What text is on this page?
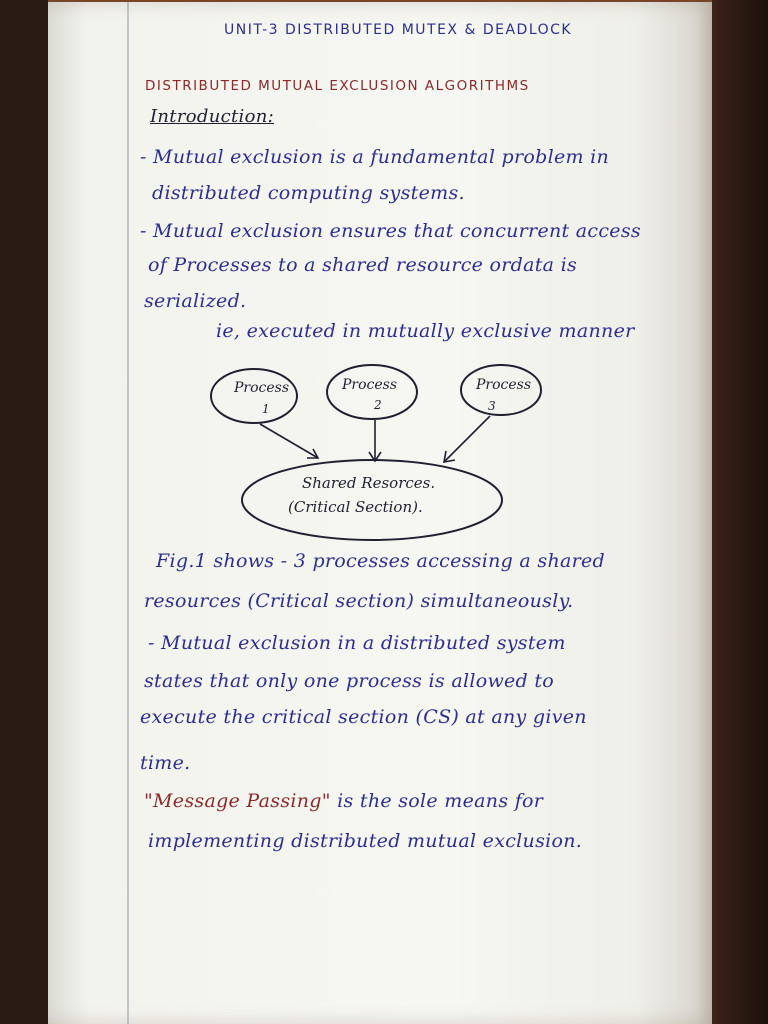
UNIT-3 DISTRIBUTED MUTEX & DEADLOCK
DISTRIBUTED MUTUAL EXCLUSION ALGORITHMS
Introduction:
- Mutual exclusion is a fundamental problem in
distributed computing systems.
- Mutual exclusion ensures that concurrent access
of Processes to a shared resource ordata is
serialized.
ie, executed in mutually exclusive manner
Process
1
Process
2
Process
3
Shared Resorces.
(Critical Section).
Fig.1 shows - 3 processes accessing a shared
resources (Critical section) simultaneously.
- Mutual exclusion in a distributed system
states that only one process is allowed to
execute the critical section (CS) at any given
time.
"Message Passing" is the sole means for
implementing distributed mutual exclusion.
